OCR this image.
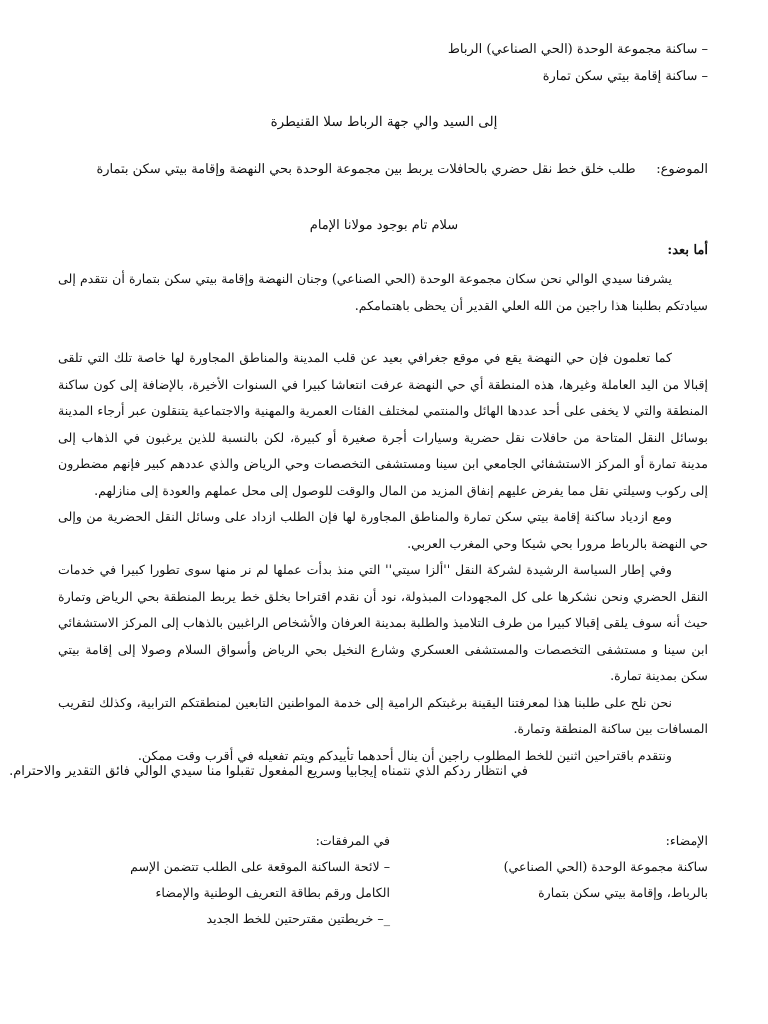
– ساكنة مجموعة الوحدة (الحي الصناعي) الرباط
– ساكنة إقامة بيتي سكن تمارة
إلى السيد والي جهة الرباط سلا القنيطرة
الموضوع:     طلب خلق خط نقل حضري بالحافلات يربط بين مجموعة الوحدة بحي النهضة وإقامة بيتي سكن بتمارة
سلام تام بوجود مولانا الإمام
أما بعد:

يشرفنا سيدي الوالي نحن سكان مجموعة الوحدة (الحي الصناعي) وجنان النهضة وإقامة بيتي سكن بتمارة أن نتقدم إلى سيادتكم بطلبنا هذا راجين من الله العلي القدير أن يحظى باهتمامكم.

كما تعلمون فإن حي النهضة يقع في موقع جغرافي بعيد عن قلب المدينة والمناطق المجاورة لها خاصة تلك التي تلقى إقبالا من اليد العاملة وغيرها، هذه المنطقة أي حي النهضة عرفت انتعاشا كبيرا في السنوات الأخيرة، بالإضافة إلى كون ساكنة المنطقة والتي لا يخفى على أحد عددها الهائل والمنتمي لمختلف الفئات العمرية والمهنية والاجتماعية يتنقلون عبر أرجاء المدينة بوسائل النقل المتاحة من حافلات نقل حضرية وسيارات أجرة صغيرة أو كبيرة، لكن بالنسبة للذين يرغبون في الذهاب إلى مدينة تمارة أو المركز الاستشفائي الجامعي ابن سينا ومستشفى التخصصات وحي الرياض والذي عددهم كبير فإنهم مضطرون إلى ركوب وسيلتي نقل مما يفرض عليهم إنفاق المزيد من المال والوقت للوصول إلى محل عملهم والعودة إلى منازلهم.

ومع ازدياد ساكنة إقامة بيتي سكن تمارة والمناطق المجاورة لها فإن الطلب ازداد على وسائل النقل الحضرية من وإلى حي النهضة بالرباط مرورا بحي شيكا وحي المغرب العربي.

وفي إطار السياسة الرشيدة لشركة النقل ''ألزا سيتي'' التي منذ بدأت عملها لم نر منها سوى تطورا كبيرا في خدمات النقل الحضري ونحن نشكرها على كل المجهودات المبذولة، نود أن نقدم اقتراحا بخلق خط يربط المنطقة بحي الرياض وتمارة حيث أنه سوف يلقى إقبالا كبيرا من طرف التلاميذ والطلبة بمدينة العرفان والأشخاص الراغبين بالذهاب إلى المركز الاستشفائي ابن سينا و مستشفى التخصصات والمستشفى العسكري وشارع النخيل بحي الرياض وأسواق السلام وصولا إلى إقامة بيتي سكن بمدينة تمارة.

نحن نلح على طلبنا هذا لمعرفتنا اليقينة برغبتكم الرامية إلى خدمة المواطنين التابعين لمنطقتكم الترابية، وكذلك لتقريب المسافات بين ساكنة المنطقة وتمارة.

ونتقدم باقتراحين اثنين للخط المطلوب راجين أن ينال أحدهما تأييدكم ويتم تفعيله في أقرب وقت ممكن.

في انتظار ردكم الذي نتمناه إيجابيا وسريع المفعول تقبلوا منا سيدي الوالي فائق التقدير والاحترام.
الإمضاء:
ساكنة مجموعة الوحدة (الحي الصناعي)
بالرباط، وإقامة بيتي سكن بتمارة
في المرفقات:
– لائحة الساكنة الموقعة على الطلب تتضمن الإسم الكامل ورقم بطاقة التعريف الوطنية والإمضاء
_– خريطتين مقترحتين للخط الجديد
